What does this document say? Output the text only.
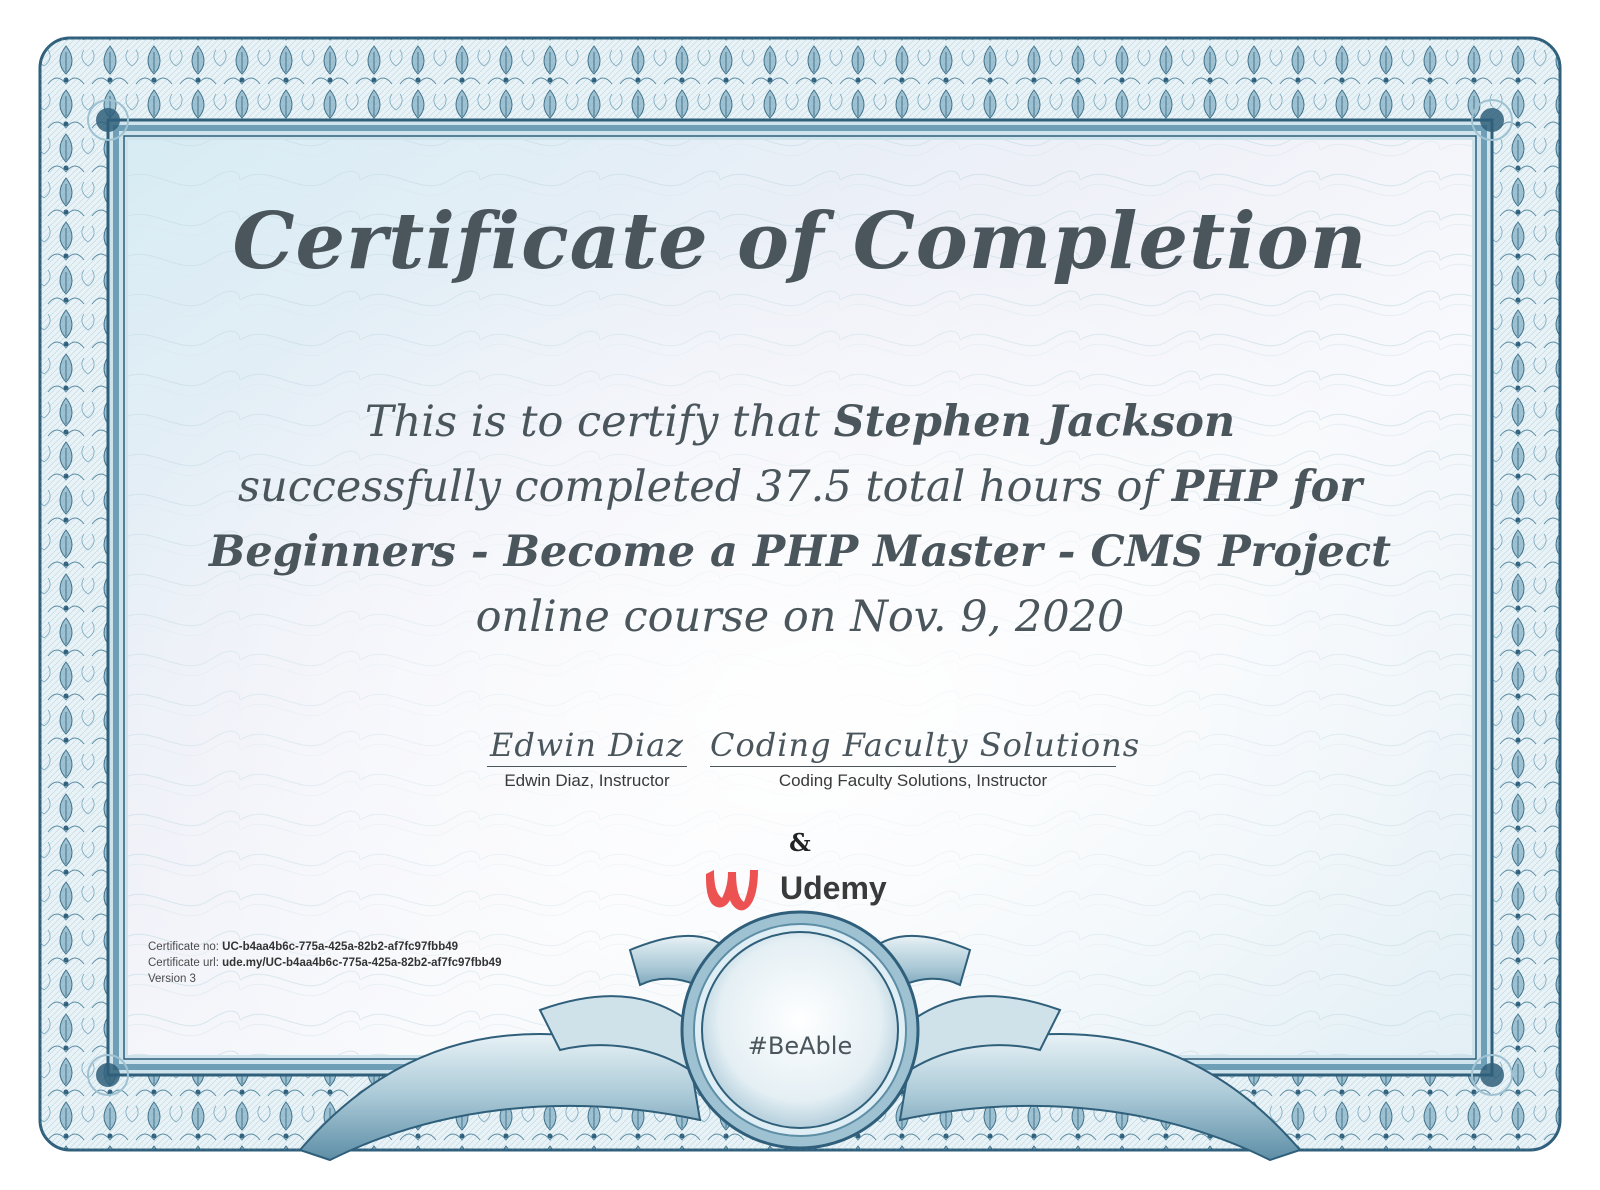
Certificate of Completion
This is to certify that Stephen Jackson
successfully completed 37.5 total hours of PHP for Beginners - Become a PHP Master - CMS Project
online course on Nov. 9, 2020
Edwin Diaz
Edwin Diaz, Instructor
Coding Faculty Solutions
Coding Faculty Solutions, Instructor
&
Udemy
Certificate no: UC-b4aa4b6c-775a-425a-82b2-af7fc97fbb49
Certificate url: ude.my/UC-b4aa4b6c-775a-425a-82b2-af7fc97fbb49
Version 3
#BeAble
